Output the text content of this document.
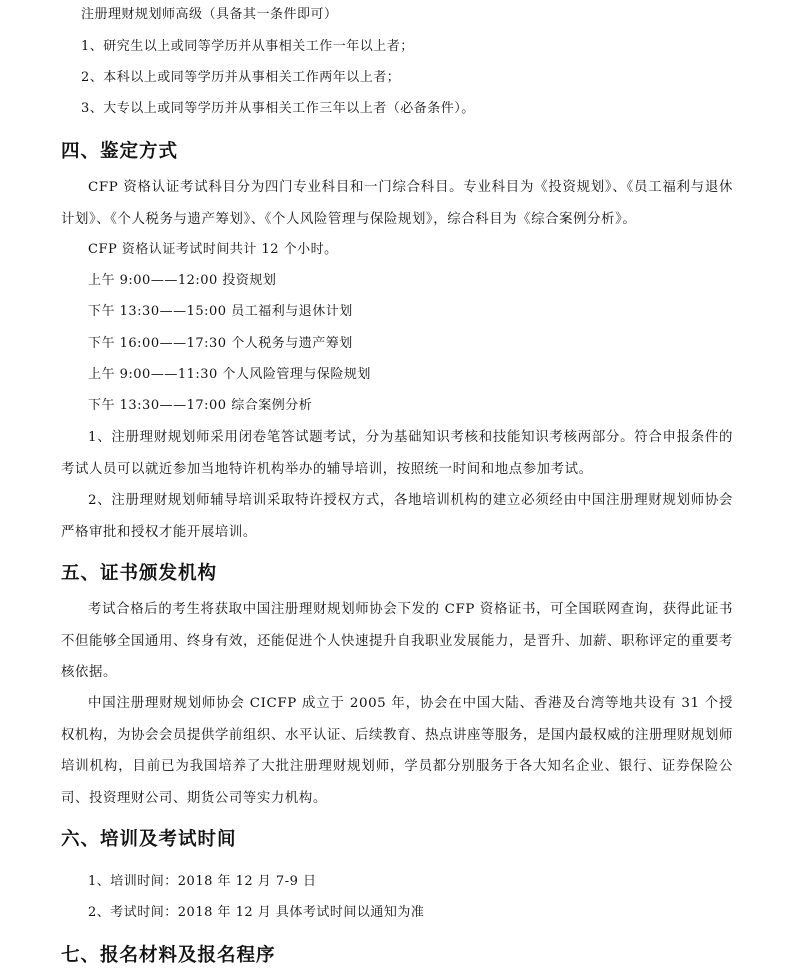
注册理财规划师高级（具备其一条件即可）
1、研究生以上或同等学历并从事相关工作一年以上者；
2、本科以上或同等学历并从事相关工作两年以上者；
3、大专以上或同等学历并从事相关工作三年以上者（必备条件）。
四、鉴定方式
CFP 资格认证考试科目分为四门专业科目和一门综合科目。专业科目为《投资规划》、《员工福利与退休计划》、《个人税务与遗产筹划》、《个人风险管理与保险规划》，综合科目为《综合案例分析》。
CFP 资格认证考试时间共计 12 个小时。
上午 9:00——12:00 投资规划
下午 13:30——15:00 员工福利与退休计划
下午 16:00——17:30 个人税务与遗产筹划
上午 9:00——11:30 个人风险管理与保险规划
下午 13:30——17:00 综合案例分析
1、注册理财规划师采用闭卷笔答试题考试，分为基础知识考核和技能知识考核两部分。符合申报条件的考试人员可以就近参加当地特许机构举办的辅导培训，按照统一时间和地点参加考试。
2、注册理财规划师辅导培训采取特许授权方式，各地培训机构的建立必须经由中国注册理财规划师协会严格审批和授权才能开展培训。
五、证书颁发机构
考试合格后的考生将获取中国注册理财规划师协会下发的 CFP 资格证书，可全国联网查询，获得此证书不但能够全国通用、终身有效，还能促进个人快速提升自我职业发展能力，是晋升、加薪、职称评定的重要考核依据。
中国注册理财规划师协会 CICFP 成立于 2005 年，协会在中国大陆、香港及台湾等地共设有 31 个授权机构，为协会会员提供学前组织、水平认证、后续教育、热点讲座等服务，是国内最权威的注册理财规划师培训机构，目前已为我国培养了大批注册理财规划师，学员都分别服务于各大知名企业、银行、证券保险公司、投资理财公司、期货公司等实力机构。
六、培训及考试时间
1、培训时间：2018 年 12 月 7-9 日
2、考试时间：2018 年 12 月 具体考试时间以通知为准
七、报名材料及报名程序
